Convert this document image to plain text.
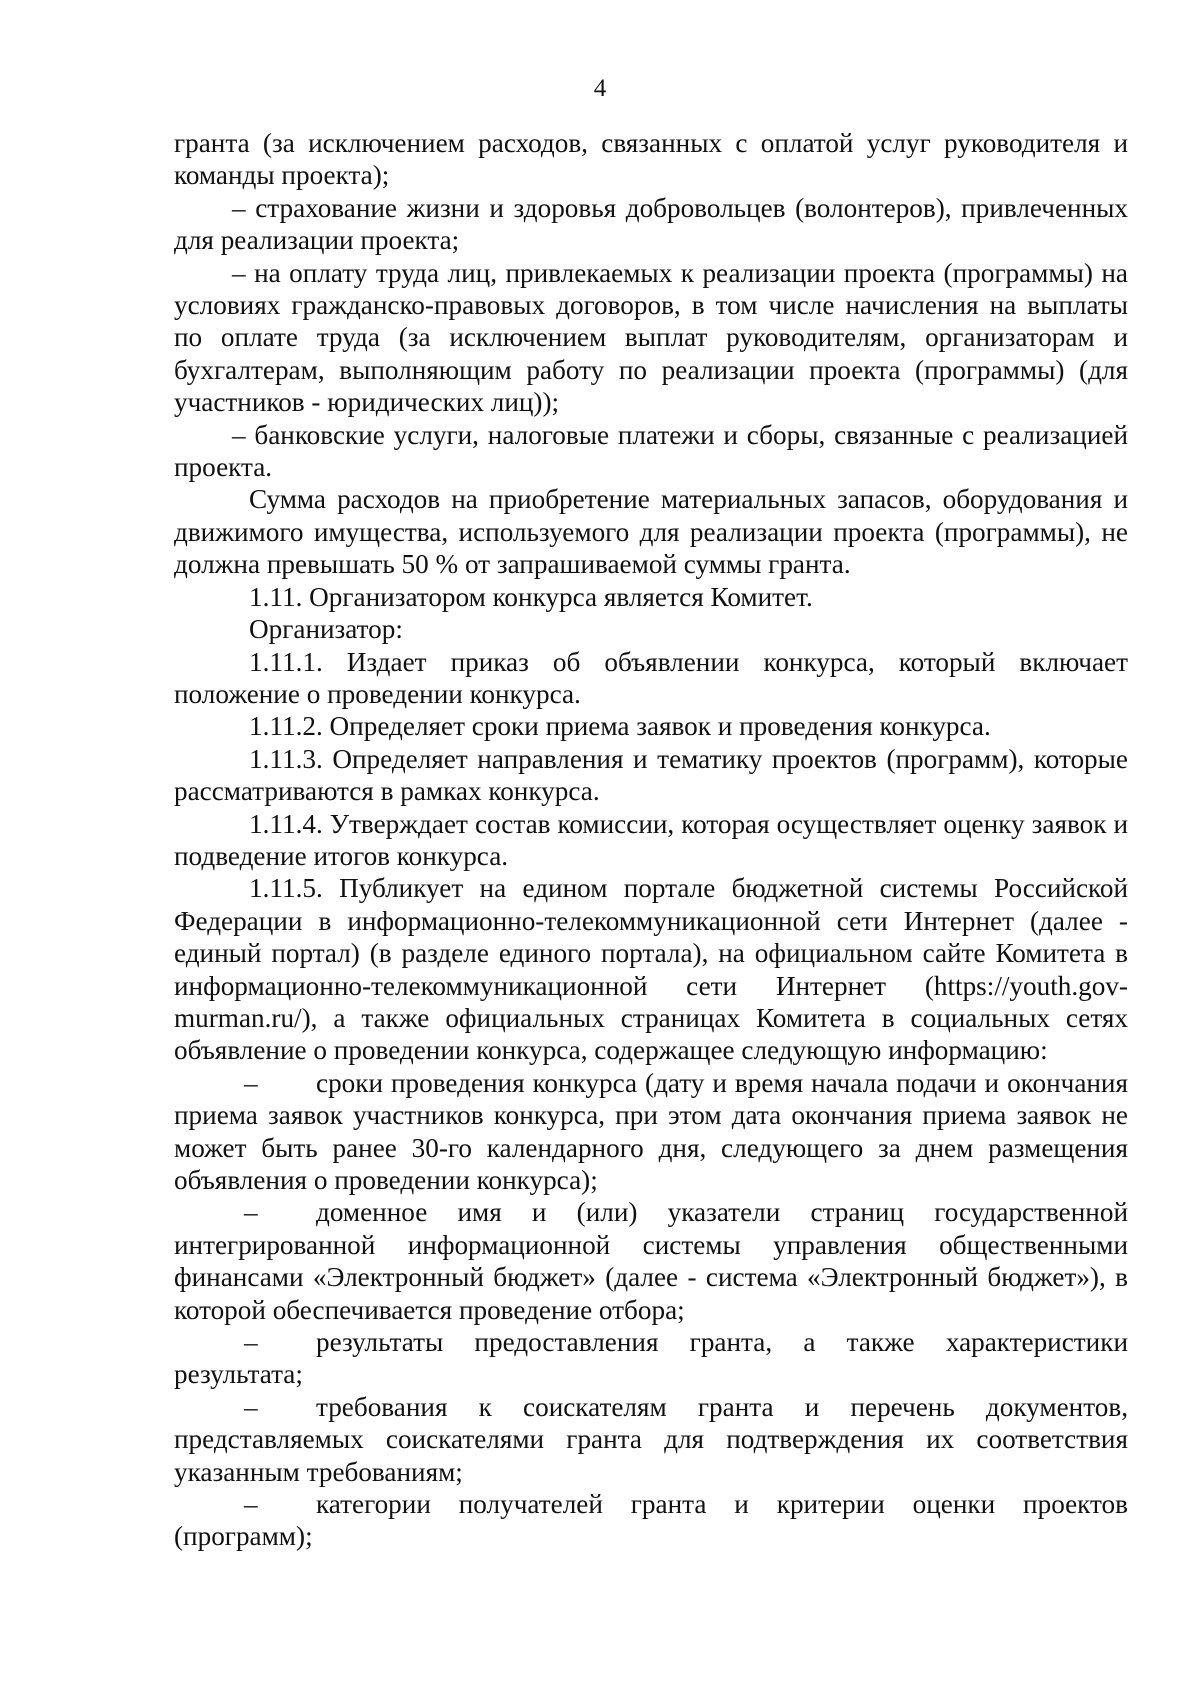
4

гранта (за исключением расходов, связанных с оплатой услуг руководителя и команды проекта);

– страхование жизни и здоровья добровольцев (волонтеров), привлеченных для реализации проекта;

– на оплату труда лиц, привлекаемых к реализации проекта (программы) на условиях гражданско-правовых договоров, в том числе начисления на выплаты по оплате труда (за исключением выплат руководителям, организаторам и бухгалтерам, выполняющим работу по реализации проекта (программы) (для участников - юридических лиц));

– банковские услуги, налоговые платежи и сборы, связанные с реализацией проекта.

Сумма расходов на приобретение материальных запасов, оборудования и движимого имущества, используемого для реализации проекта (программы), не должна превышать 50 % от запрашиваемой суммы гранта.

1.11. Организатором конкурса является Комитет.

Организатор:

1.11.1. Издает приказ об объявлении конкурса, который включает положение о проведении конкурса.

1.11.2. Определяет сроки приема заявок и проведения конкурса.

1.11.3. Определяет направления и тематику проектов (программ), которые рассматриваются в рамках конкурса.

1.11.4. Утверждает состав комиссии, которая осуществляет оценку заявок и подведение итогов конкурса.

1.11.5. Публикует на едином портале бюджетной системы Российской Федерации в информационно-телекоммуникационной сети Интернет (далее - единый портал) (в разделе единого портала), на официальном сайте Комитета в информационно-телекоммуникационной сети Интернет (https://youth.gov-murman.ru/), а также официальных страницах Комитета в социальных сетях объявление о проведении конкурса, содержащее следующую информацию:

– сроки проведения конкурса (дату и время начала подачи и окончания приема заявок участников конкурса, при этом дата окончания приема заявок не может быть ранее 30-го календарного дня, следующего за днем размещения объявления о проведении конкурса);

– доменное имя и (или) указатели страниц государственной интегрированной информационной системы управления общественными финансами «Электронный бюджет» (далее - система «Электронный бюджет»), в которой обеспечивается проведение отбора;

– результаты предоставления гранта, а также характеристики результата;

– требования к соискателям гранта и перечень документов, представляемых соискателями гранта для подтверждения их соответствия указанным требованиям;

– категории получателей гранта и критерии оценки проектов (программ);
